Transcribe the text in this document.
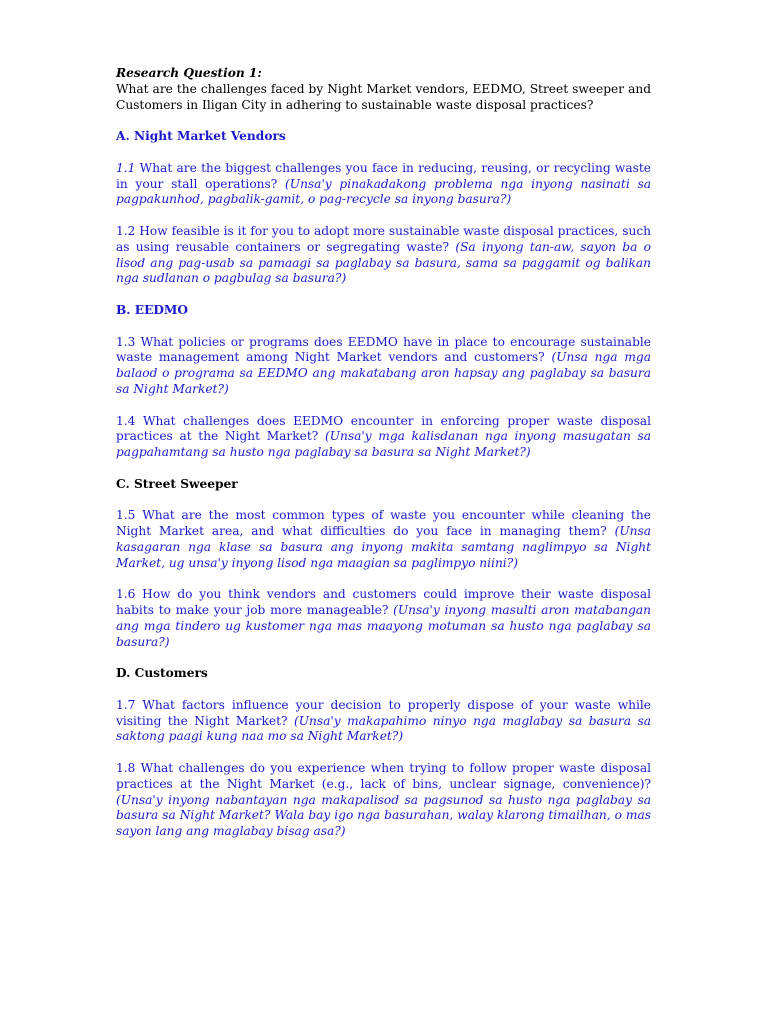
Research Question 1:

What are the challenges faced by Night Market vendors, EEDMO, Street sweeper and Customers in Iligan City in adhering to sustainable waste disposal practices?

A. Night Market Vendors

1.1 What are the biggest challenges you face in reducing, reusing, or recycling waste in your stall operations? (Unsa'y pinakadakong problema nga inyong nasinati sa pagpakunhod, pagbalik-gamit, o pag-recycle sa inyong basura?)

1.2 How feasible is it for you to adopt more sustainable waste disposal practices, such as using reusable containers or segregating waste? (Sa inyong tan-aw, sayon ba o lisod ang pag-usab sa pamaagi sa paglabay sa basura, sama sa paggamit og balikan nga sudlanan o pagbulag sa basura?)

B. EEDMO

1.3 What policies or programs does EEDMO have in place to encourage sustainable waste management among Night Market vendors and customers? (Unsa nga mga balaod o programa sa EEDMO ang makatabang aron hapsay ang paglabay sa basura sa Night Market?)

1.4 What challenges does EEDMO encounter in enforcing proper waste disposal practices at the Night Market? (Unsa'y mga kalisdanan nga inyong masugatan sa pagpahamtang sa husto nga paglabay sa basura sa Night Market?)

C. Street Sweeper

1.5 What are the most common types of waste you encounter while cleaning the Night Market area, and what difficulties do you face in managing them? (Unsa kasagaran nga klase sa basura ang inyong makita samtang naglimpyo sa Night Market, ug unsa'y inyong lisod nga maagian sa paglimpyo niini?)

1.6 How do you think vendors and customers could improve their waste disposal habits to make your job more manageable? (Unsa'y inyong masulti aron matabangan ang mga tindero ug kustomer nga mas maayong motuman sa husto nga paglabay sa basura?)

D. Customers

1.7 What factors influence your decision to properly dispose of your waste while visiting the Night Market? (Unsa'y makapahimo ninyo nga maglabay sa basura sa saktong paagi kung naa mo sa Night Market?)

1.8 What challenges do you experience when trying to follow proper waste disposal practices at the Night Market (e.g., lack of bins, unclear signage, convenience)? (Unsa'y inyong nabantayan nga makapalisod sa pagsunod sa husto nga paglabay sa basura sa Night Market? Wala bay igo nga basurahan, walay klarong timailhan, o mas sayon lang ang maglabay bisag asa?)
